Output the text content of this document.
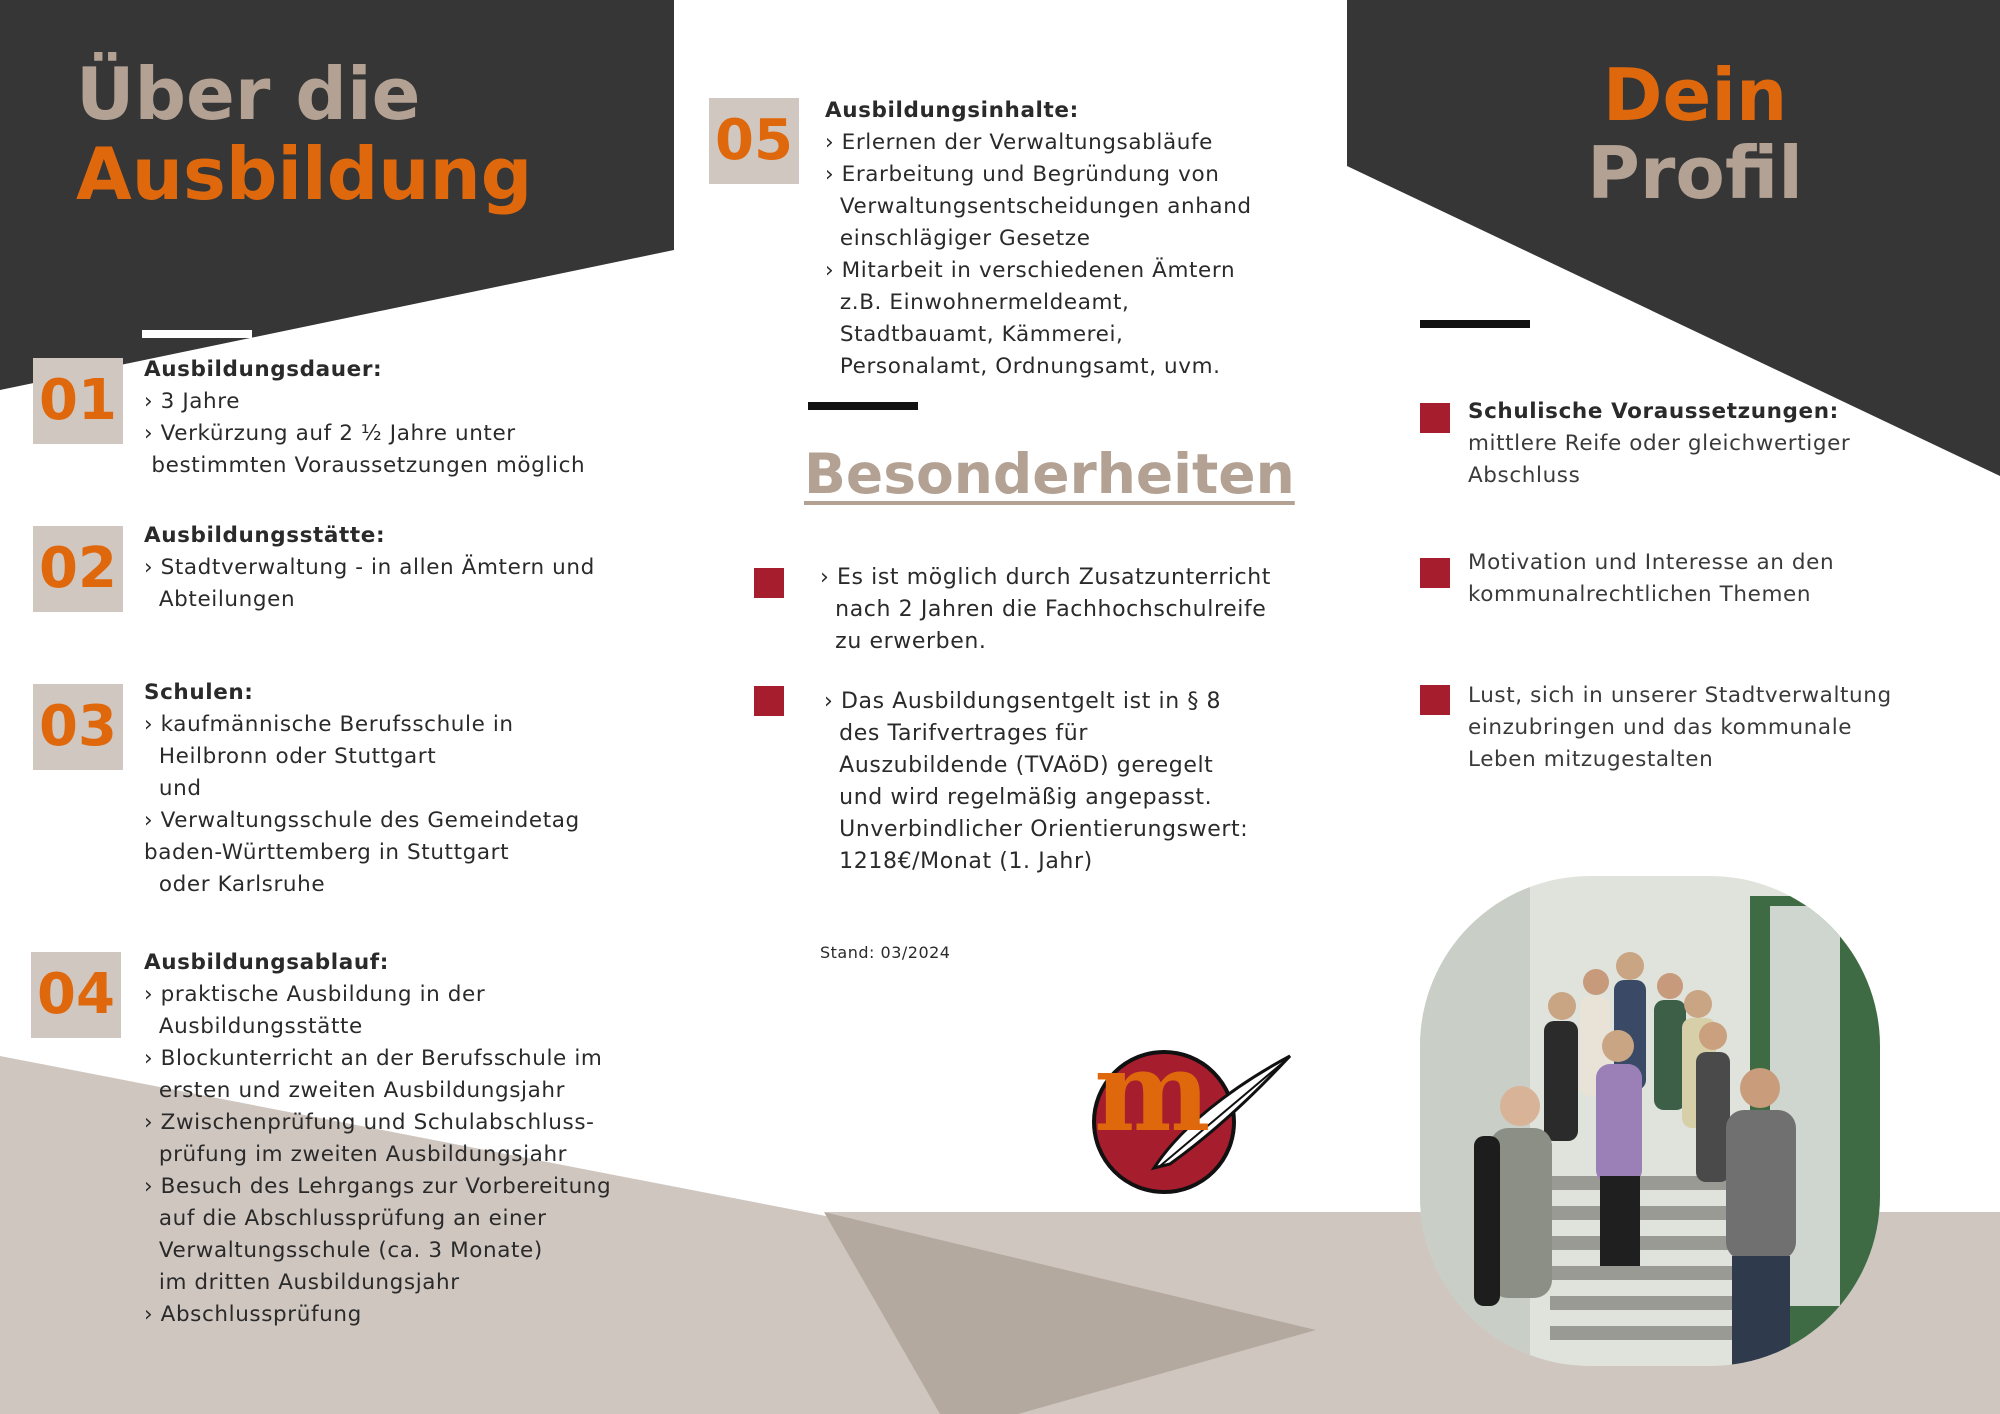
Über die
Ausbildung
01 Ausbildungsdauer:
› 3 Jahre
› Verkürzung auf 2 ½ Jahre unter
bestimmten Voraussetzungen möglich
02
Ausbildungsstätte:
› Stadtverwaltung - in allen Ämtern und
Abteilungen
03
Schulen:
› kaufmännische Berufsschule in
Heilbronn oder Stuttgart
und
› Verwaltungsschule des Gemeindetag
baden-Württemberg in Stuttgart
oder Karlsruhe
04 Ausbildungsablauf:
› praktische Ausbildung in der
Ausbildungsstätte
› Blockunterricht an der Berufsschule im
ersten und zweiten Ausbildungsjahr
› Zwischenprüfung und Schulabschluss-
prüfung im zweiten Ausbildungsjahr
› Besuch des Lehrgangs zur Vorbereitung
auf die Abschlussprüfung an einer
Verwaltungsschule (ca. 3 Monate)
im dritten Ausbildungsjahr
› Abschlussprüfung
05 Ausbildungsinhalte:
› Erlernen der Verwaltungsabläufe
› Erarbeitung und Begründung von
Verwaltungsentscheidungen anhand
einschlägiger Gesetze
› Mitarbeit in verschiedenen Ämtern
z.B. Einwohnermeldeamt,
Stadtbauamt, Kämmerei,
Personalamt, Ordnungsamt, uvm.
Besonderheiten
› Es ist möglich durch Zusatzunterricht
nach 2 Jahren die Fachhochschulreife
zu erwerben.
› Das Ausbildungsentgelt ist in § 8
des Tarifvertrages für
Auszubildende (TVAöD) geregelt
und wird regelmäßig angepasst.
Unverbindlicher Orientierungswert:
1218€/Monat (1. Jahr)
Stand: 03/2024
m
Dein
Profil
Schulische Voraussetzungen:
mittlere Reife oder gleichwertiger
Abschluss
Motivation und Interesse an den
kommunalrechtlichen Themen
Lust, sich in unserer Stadtverwaltung
einzubringen und das kommunale
Leben mitzugestalten
